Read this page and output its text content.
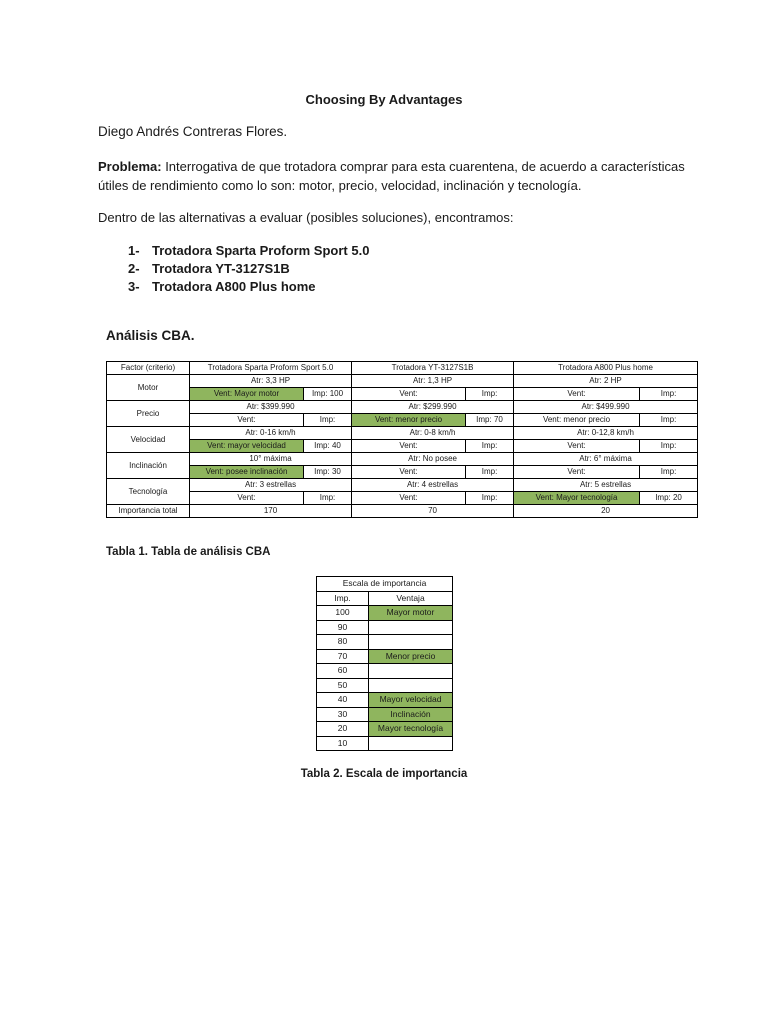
Choosing By Advantages
Diego Andrés Contreras Flores.
Problema: Interrogativa de que trotadora comprar para esta cuarentena, de acuerdo a características útiles de rendimiento como lo son: motor, precio, velocidad, inclinación y tecnología.
Dentro de las alternativas a evaluar (posibles soluciones), encontramos:
1- Trotadora Sparta Proform Sport 5.0
2- Trotadora YT-3127S1B
3- Trotadora A800 Plus home
Análisis CBA.
Factor (criterio)	Trotadora Sparta Proform Sport 5.0		Trotadora YT-3127S1B		Trotadora A800 Plus home	
Motor	Atr: 3,3 HP		Atr: 1,3 HP		Atr: 2 HP	
	Vent: Mayor motor	Imp: 100	Vent:	Imp:	Vent:	Imp:
Precio	Atr: $399.990		Atr: $299.990		Atr: $499.990	
	Vent:	Imp:	Vent: menor precio	Imp: 70	Vent: menor precio	Imp:
Velocidad	Atr: 0-16 km/h		Atr: 0-8 km/h		Atr: 0-12,8 km/h	
	Vent: mayor velocidad	Imp: 40	Vent:	Imp:	Vent:	Imp:
Inclinación	10° máxima		Atr: No posee		Atr: 6° máxima	
	Vent: posee inclinación	Imp: 30	Vent:	Imp:	Vent:	Imp:
Tecnología	Atr: 3 estrellas		Atr: 4 estrellas		Atr: 5 estrellas	
	Vent:	Imp:	Vent:	Imp:	Vent: Mayor tecnología	Imp: 20
Importancia total	170		70		20	
Tabla 1. Tabla de análisis CBA
Escala de importancia	
Imp.	Ventaja
100	Mayor motor
90	
80	
70	Menor precio
60	
50	
40	Mayor velocidad
30	Inclinación
20	Mayor tecnología
10	
Tabla 2. Escala de importancia
